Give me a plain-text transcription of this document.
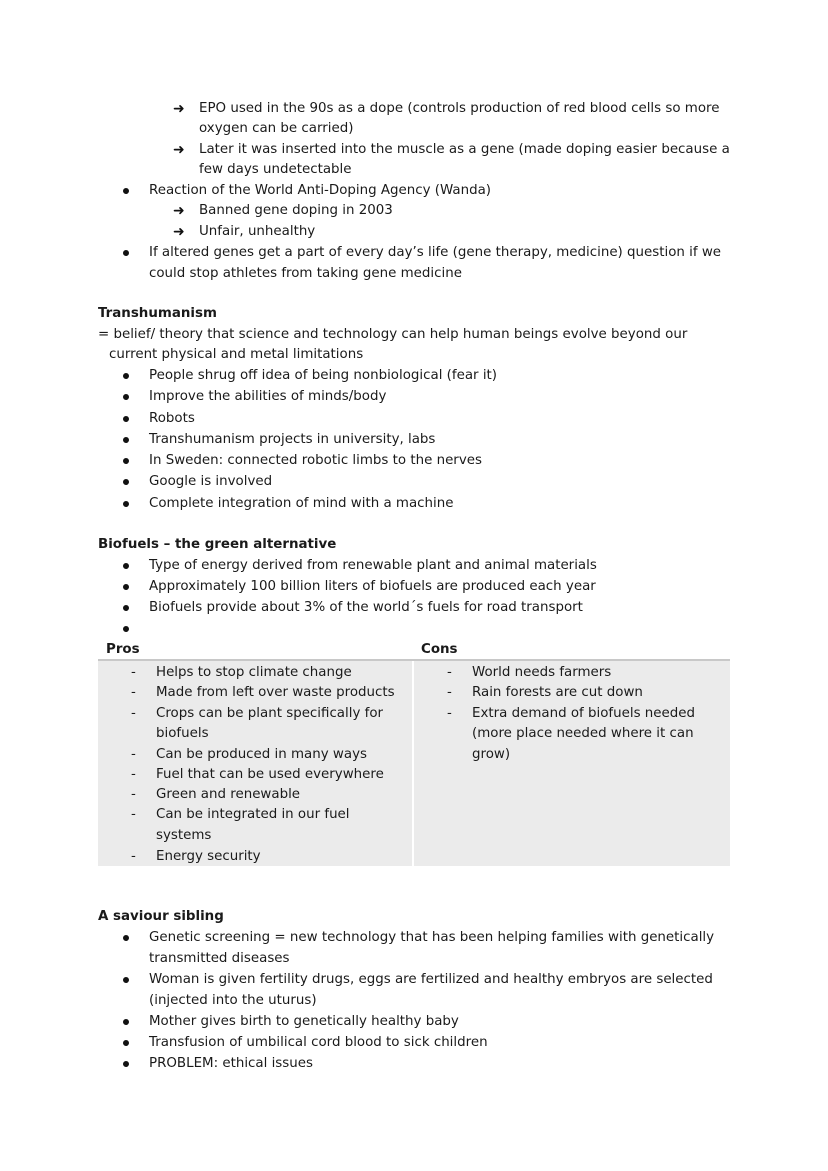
➜ EPO used in the 90s as a dope (controls production of red blood cells so more
oxygen can be carried)
➜ Later it was inserted into the muscle as a gene (made doping easier because a
few days undetectable
Reaction of the World Anti-Doping Agency (Wanda)
➜ Banned gene doping in 2003
➜ Unfair, unhealthy
If altered genes get a part of every day’s life (gene therapy, medicine) question if we
could stop athletes from taking gene medicine
Transhumanism
= belief/ theory that science and technology can help human beings evolve beyond our
current physical and metal limitations
People shrug off idea of being nonbiological (fear it)
Improve the abilities of minds/body
Robots
Transhumanism projects in university, labs
In Sweden: connected robotic limbs to the nerves
Google is involved
Complete integration of mind with a machine
Biofuels – the green alternative
Type of energy derived from renewable plant and animal materials
Approximately 100 billion liters of biofuels are produced each year
Biofuels provide about 3% of the world´s fuels for road transport
Pros	Cons
- Helps to stop climate change
- Made from left over waste products
- Crops can be plant specifically for
biofuels
- Can be produced in many ways
- Fuel that can be used everywhere
- Green and renewable
- Can be integrated in our fuel
systems
- Energy security
- World needs farmers
- Rain forests are cut down
- Extra demand of biofuels needed
(more place needed where it can
grow)
A saviour sibling
Genetic screening = new technology that has been helping families with genetically
transmitted diseases
Woman is given fertility drugs, eggs are fertilized and healthy embryos are selected
(injected into the uturus)
Mother gives birth to genetically healthy baby
Transfusion of umbilical cord blood to sick children
PROBLEM: ethical issues
